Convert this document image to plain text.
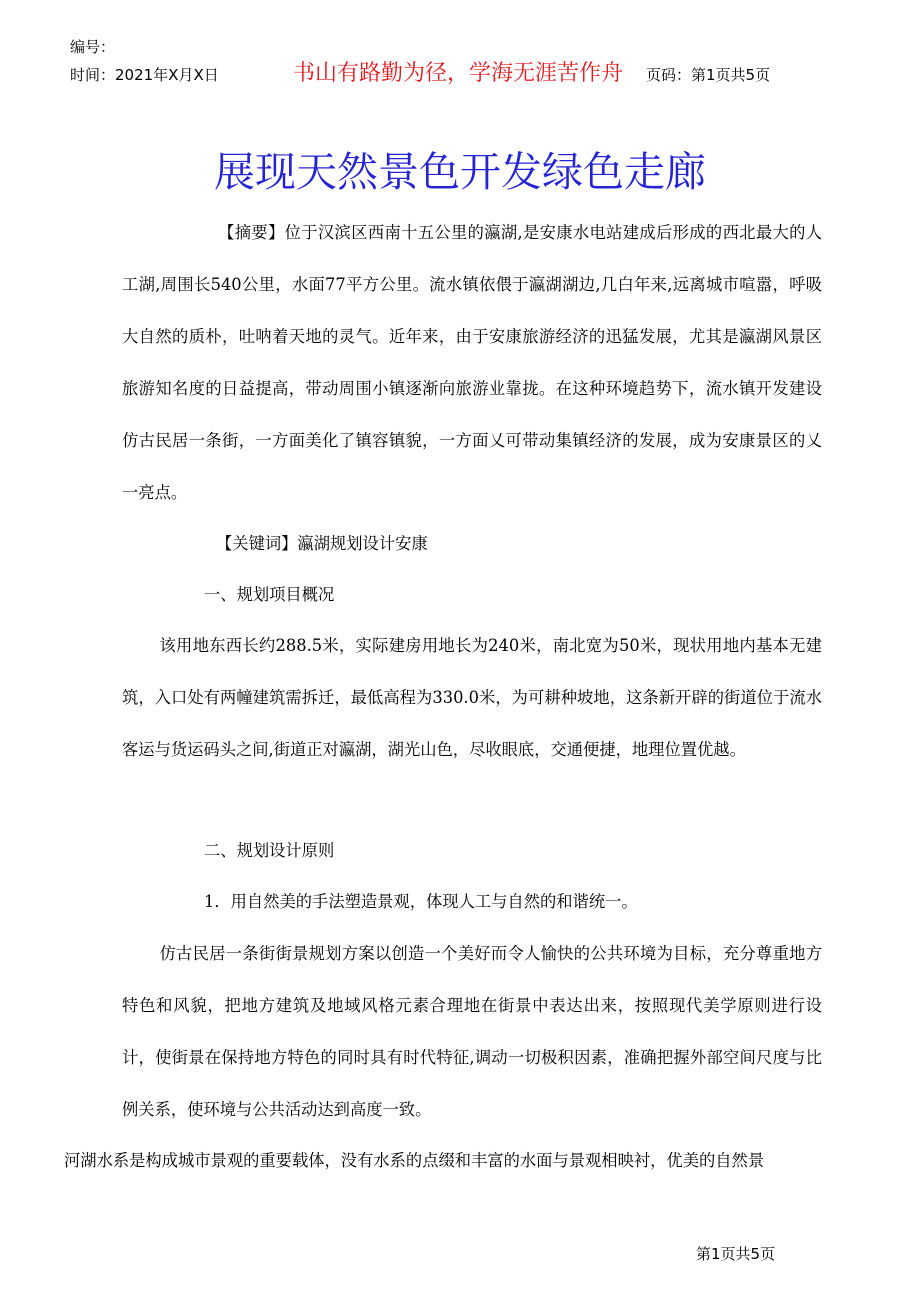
编号：
时间：2021年X月X日	书山有路勤为径，学海无涯苦作舟 页码：第1页共5页
展现天然景色开发绿色走廊

【摘要】位于汉滨区西南十五公里的瀛湖,是安康水电站建成后形成的西北最大的人工湖,周围长540公里，水面77平方公里。流水镇依偎于瀛湖湖边,几白年来,远离城市喧嚣，呼吸大自然的质朴，吐呐着天地的灵气。近年来，由于安康旅游经济的迅猛发展，尤其是瀛湖风景区旅游知名度的日益提高，带动周围小镇逐渐向旅游业靠拢。在这种环境趋势下，流水镇开发建设仿古民居一条街，一方面美化了镇容镇貌，一方面乂可带动集镇经济的发展，成为安康景区的乂一亮点。

【关键词】瀛湖规划设计安康

一、规划项目概况

该用地东西长约288.5米，实际建房用地长为240米，南北宽为50米，现状用地内基本无建筑，入口处有两幢建筑需拆迁，最低高程为330.0米，为可耕种坡地，这条新开辟的街道位于流水客运与货运码头之间,街道正对瀛湖，湖光山色，尽收眼底，交通便捷，地理位置优越。

二、规划设计原则

1．用自然美的手法塑造景观，体现人工与自然的和谐统一。

仿古民居一条街街景规划方案以创造一个美好而令人愉快的公共环境为目标，充分尊重地方特色和风貌，把地方建筑及地域风格元素合理地在街景中表达出来，按照现代美学原则进行设计，使街景在保持地方特色的同时具有时代特征,调动一切极积因素，准确把握外部空间尺度与比例关系，使环境与公共活动达到高度一致。

河湖水系是构成城市景观的重要载体，没有水系的点缀和丰富的水面与景观相映衬，优美的自然景

第1页共5页
